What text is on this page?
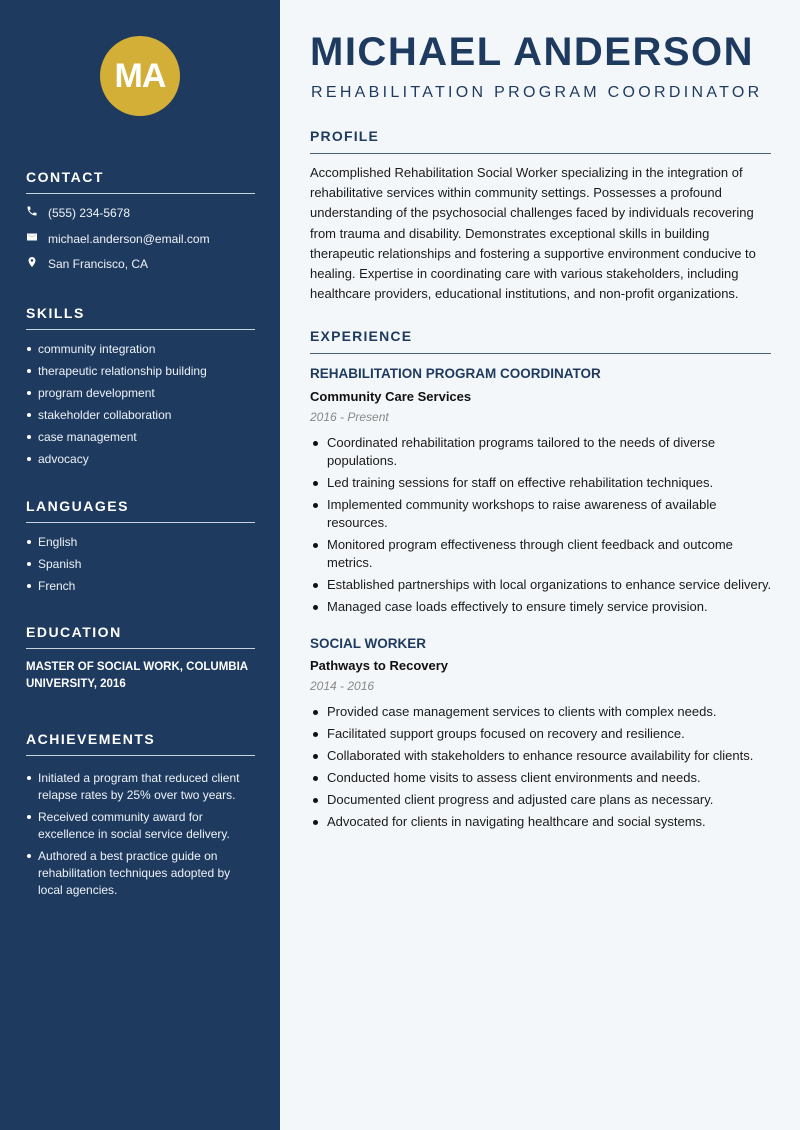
MA
CONTACT
(555) 234-5678
michael.anderson@email.com
San Francisco, CA
SKILLS
community integration
therapeutic relationship building
program development
stakeholder collaboration
case management
advocacy
LANGUAGES
English
Spanish
French
EDUCATION
MASTER OF SOCIAL WORK, COLUMBIA UNIVERSITY, 2016
ACHIEVEMENTS
Initiated a program that reduced client relapse rates by 25% over two years.
Received community award for excellence in social service delivery.
Authored a best practice guide on rehabilitation techniques adopted by local agencies.
MICHAEL ANDERSON
REHABILITATION PROGRAM COORDINATOR
PROFILE
Accomplished Rehabilitation Social Worker specializing in the integration of rehabilitative services within community settings. Possesses a profound understanding of the psychosocial challenges faced by individuals recovering from trauma and disability. Demonstrates exceptional skills in building therapeutic relationships and fostering a supportive environment conducive to healing. Expertise in coordinating care with various stakeholders, including healthcare providers, educational institutions, and non-profit organizations.
EXPERIENCE
REHABILITATION PROGRAM COORDINATOR
Community Care Services
2016 - Present
Coordinated rehabilitation programs tailored to the needs of diverse populations.
Led training sessions for staff on effective rehabilitation techniques.
Implemented community workshops to raise awareness of available resources.
Monitored program effectiveness through client feedback and outcome metrics.
Established partnerships with local organizations to enhance service delivery.
Managed case loads effectively to ensure timely service provision.
SOCIAL WORKER
Pathways to Recovery
2014 - 2016
Provided case management services to clients with complex needs.
Facilitated support groups focused on recovery and resilience.
Collaborated with stakeholders to enhance resource availability for clients.
Conducted home visits to assess client environments and needs.
Documented client progress and adjusted care plans as necessary.
Advocated for clients in navigating healthcare and social systems.
